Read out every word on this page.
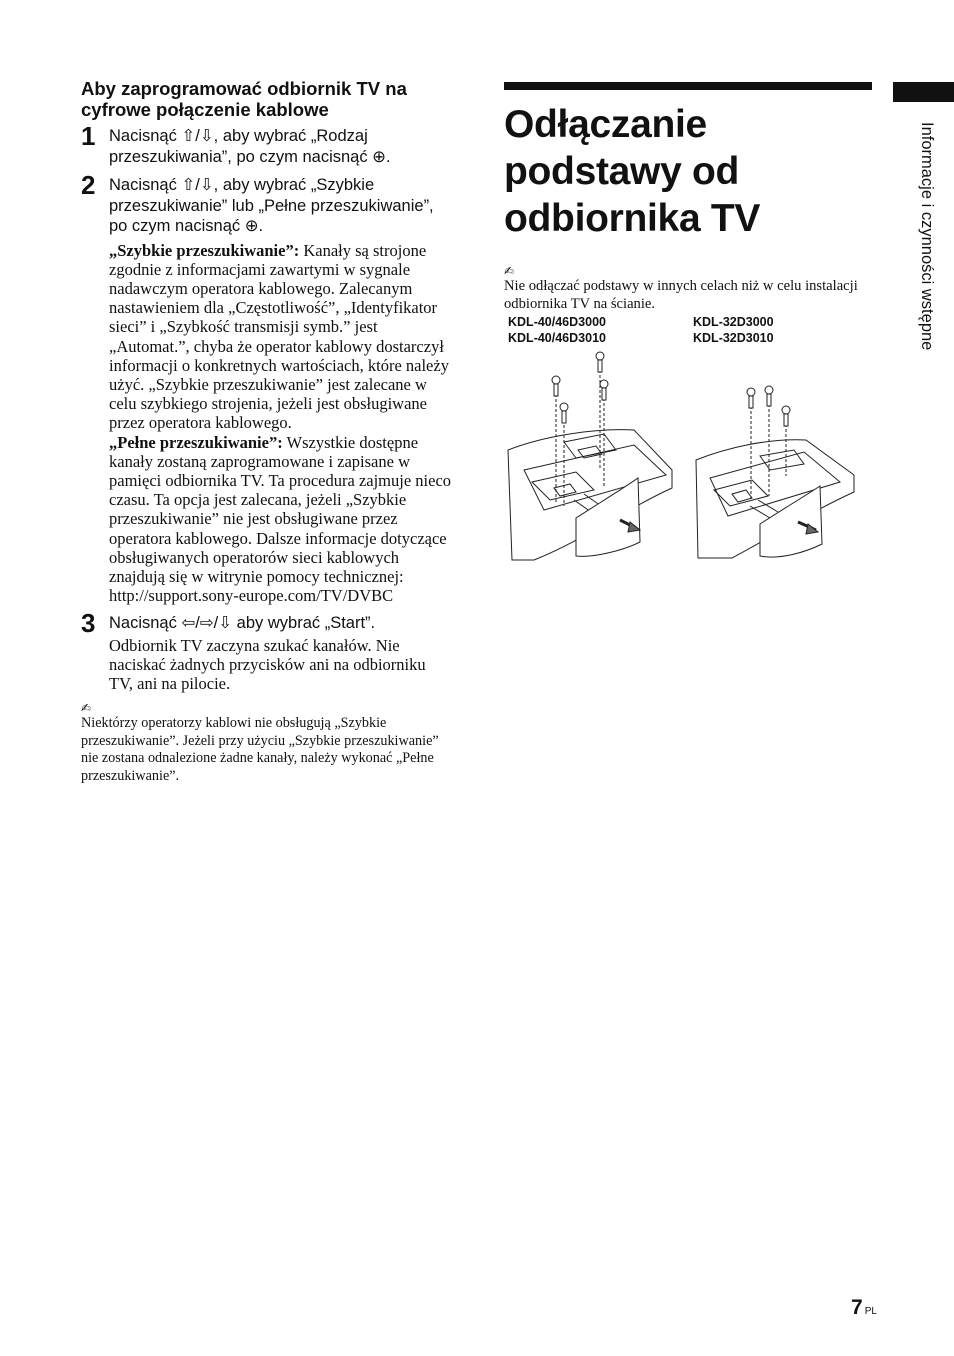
Informacje i czynności wstępne
Aby zaprogramować odbiornik TV na cyfrowe połączenie kablowe
1 Nacisnąć ⇧/⇩, aby wybrać „Rodzaj przeszukiwania”, po czym nacisnąć ⊕.
2 Nacisnąć ⇧/⇩, aby wybrać „Szybkie przeszukiwanie” lub „Pełne przeszukiwanie”, po czym nacisnąć ⊕.
„Szybkie przeszukiwanie”: Kanały są strojone zgodnie z informacjami zawartymi w sygnale nadawczym operatora kablowego. Zalecanym nastawieniem dla „Częstotliwość”, „Identyfikator sieci” i „Szybkość transmisji symb.” jest „Automat.”, chyba że operator kablowy dostarczył informacji o konkretnych wartościach, które należy użyć. „Szybkie przeszukiwanie” jest zalecane w celu szybkiego strojenia, jeżeli jest obsługiwane przez operatora kablowego.
„Pełne przeszukiwanie”: Wszystkie dostępne kanały zostaną zaprogramowane i zapisane w pamięci odbiornika TV. Ta procedura zajmuje nieco czasu. Ta opcja jest zalecana, jeżeli „Szybkie przeszukiwanie” nie jest obsługiwane przez operatora kablowego. Dalsze informacje dotyczące obsługiwanych operatorów sieci kablowych znajdują się w witrynie pomocy technicznej: http://support.sony-europe.com/TV/DVBC
3 Nacisnąć ⇦/⇨/⇩ aby wybrać „Start”.
Odbiornik TV zaczyna szukać kanałów. Nie naciskać żadnych przycisków ani na odbiorniku TV, ani na pilocie.
✍
Niektórzy operatorzy kablowi nie obsługują „Szybkie przeszukiwanie”. Jeżeli przy użyciu „Szybkie przeszukiwanie” nie zostana odnalezione żadne kanały, należy wykonać „Pełne przeszukiwanie”.
Odłączanie podstawy od odbiornika TV
✍
Nie odłączać podstawy w innych celach niż w celu instalacji odbiornika TV na ścianie.
KDL-40/46D3000
KDL-40/46D3010
KDL-32D3000
KDL-32D3010
7 PL
